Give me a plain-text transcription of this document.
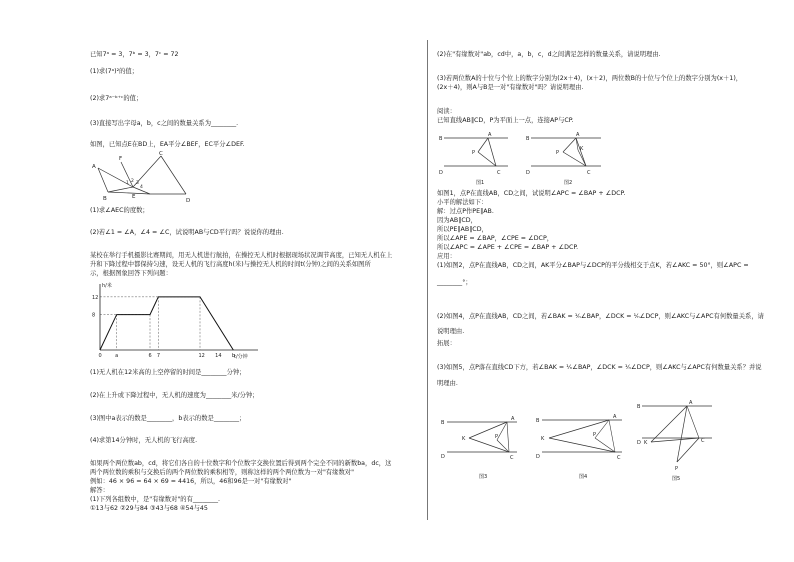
已知7ᵃ = 3，7ᵇ = 3，7ᶜ = 72
(1)求(7ᵃ)²的值；
(2)求7ᵃ⁻ᵇ⁺ᶜ的值；
(3)直接写出字母a，b，c之间的数量关系为________.
如图，已知点E在BD上，EA平分∠BEF，EC平分∠DEF.
A
F
C
B	E
D
1 2 3
4
(1)求∠AEC的度数；
(2)若∠1 = ∠A，∠4 = ∠C，试说明AB与CD平行吗？说说你的理由.
某校在举行手机摄影比赛期间，用无人机进行航拍，在操控无人机时根据现场状况调节高度，已知无人机在上
升和下降过程中都保持匀速，设无人机的飞行高度h(米)与操控无人机的时间t(分钟)之间的关系如图所
示，根据图象回答下列问题：
0	a	6 7	12 14 b
8
12
h/米
t/分钟
(1)无人机在12米高的上空停留的时间是________分钟；
(2)在上升或下降过程中，无人机的速度为________米/分钟；
(3)图中a表示的数是________，b表示的数是________；
(4)求第14分钟时，无人机的飞行高度.
如果两个两位数ab，cd，将它们各自的十位数字和个位数字交换位置后得到两个完全不同的新数ba，dc，这
两个两位数的乘积与交换后的两个两位数的乘积相等，则称这样的两个两位数为一对"有缘数对"
例如：46 × 96 = 64 × 69 = 4416，所以，46和96是一对"有缘数对"
解答：
(1)下列各组数中，是"有缘数对"的有________.
①13与62 ②29与84 ③43与68 ④54与45
(2)在"有缘数对"ab，cd中，a，b，c，d之间满足怎样的数量关系，请说明理由.
(3)若两位数A的十位与个位上的数字分别为(2x＋4)，(x＋2)，两位数B的十位与个位上的数字分别为(x＋1)，
(2x＋4)，则A与B是一对"有缘数对"吗？请说明理由.
阅读：
已知直线AB∥CD，P为平面上一点，连接AP与CP.
B
A
P
D	C
图1
B
A
P
K
D	C
图2
如图1，点P在直线AB，CD之间，试说明∠APC = ∠BAP + ∠DCP.
小平的解法如下：
解：过点P作PE∥AB.
因为AB∥CD，
所以PE∥AB∥CD，
所以∠APE = ∠BAP，∠CPE = ∠DCP，
所以∠APC = ∠APE + ∠CPE = ∠BAP + ∠DCP.
应用：
(1)如图2，点P在直线AB，CD之间，AK平分∠BAP与∠DCP的平分线相交于点K，若∠AKC = 50°，则∠APC =
________°；
(2)如图4，点P在直线AB，CD之间，若∠BAK = ¹⁄ₙ∠BAP，∠DCK = ¹⁄ₙ∠DCP，则∠AKC与∠APC有何数量关系，请
说明理由.
拓展：
(3)如图5，点P落在直线CD下方，若∠BAK = ¹⁄ₙ∠BAP，∠DCK = ¹⁄ₙ∠DCP，则∠AKC与∠APC有何数量关系？并说
明理由.
B
A
K	P
D	C
图3
B
A
K
P
D	C
图4
B
A
K
D	C
P
图5
